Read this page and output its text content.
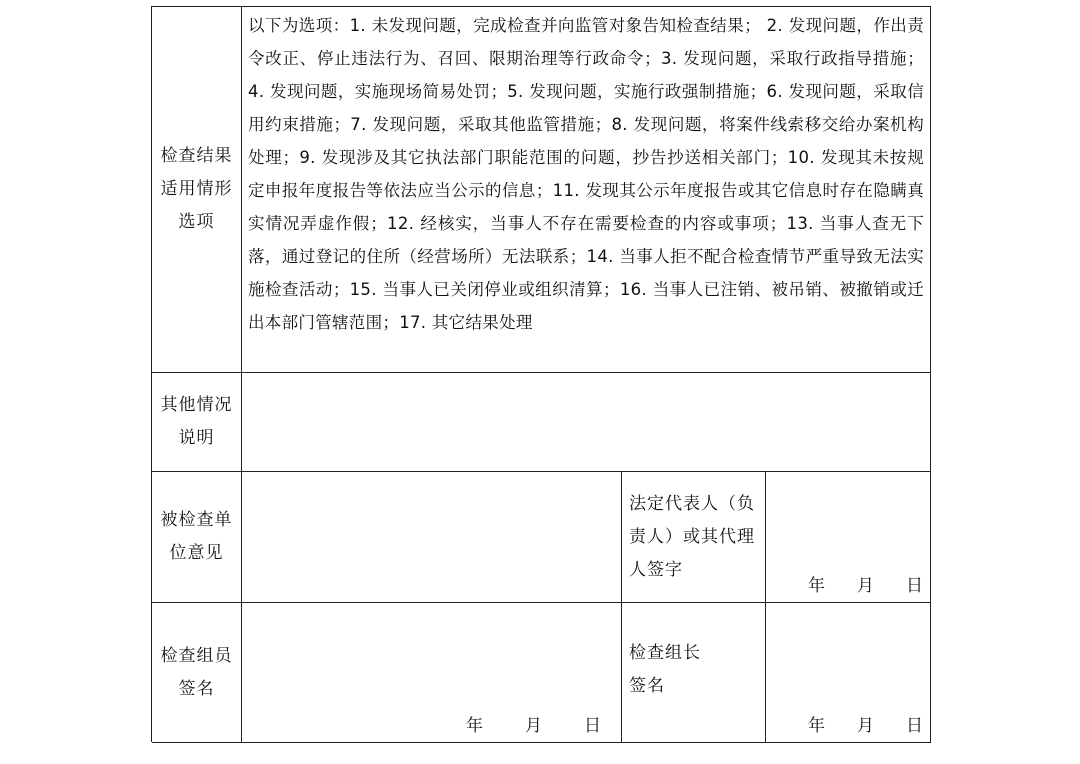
检查结果
适用情形
选项
以下为选项：1. 未发现问题，完成检查并向监管对象告知检查结果； 2. 发现问题，作出责令改正、停止违法行为、召回、限期治理等行政命令；3. 发现问题，采取行政指导措施；4. 发现问题，实施现场简易处罚；5. 发现问题，实施行政强制措施；6. 发现问题，采取信用约束措施；7. 发现问题，采取其他监管措施；8. 发现问题，将案件线索移交给办案机构处理；9. 发现涉及其它执法部门职能范围的问题，抄告抄送相关部门；10. 发现其未按规定申报年度报告等依法应当公示的信息；11. 发现其公示年度报告或其它信息时存在隐瞒真实情况弄虚作假；12. 经核实，当事人不存在需要检查的内容或事项；13. 当事人查无下落，通过登记的住所（经营场所）无法联系；14. 当事人拒不配合检查情节严重导致无法实施检查活动；15. 当事人已关闭停业或组织清算；16. 当事人已注销、被吊销、被撤销或迁出本部门管辖范围；17. 其它结果处理
其他情况
说明
被检查单
位意见
法定代表人（负责人）或其代理人签字
年 月 日
检查组员
签名
年 月 日
检查组长
签名
年 月 日
